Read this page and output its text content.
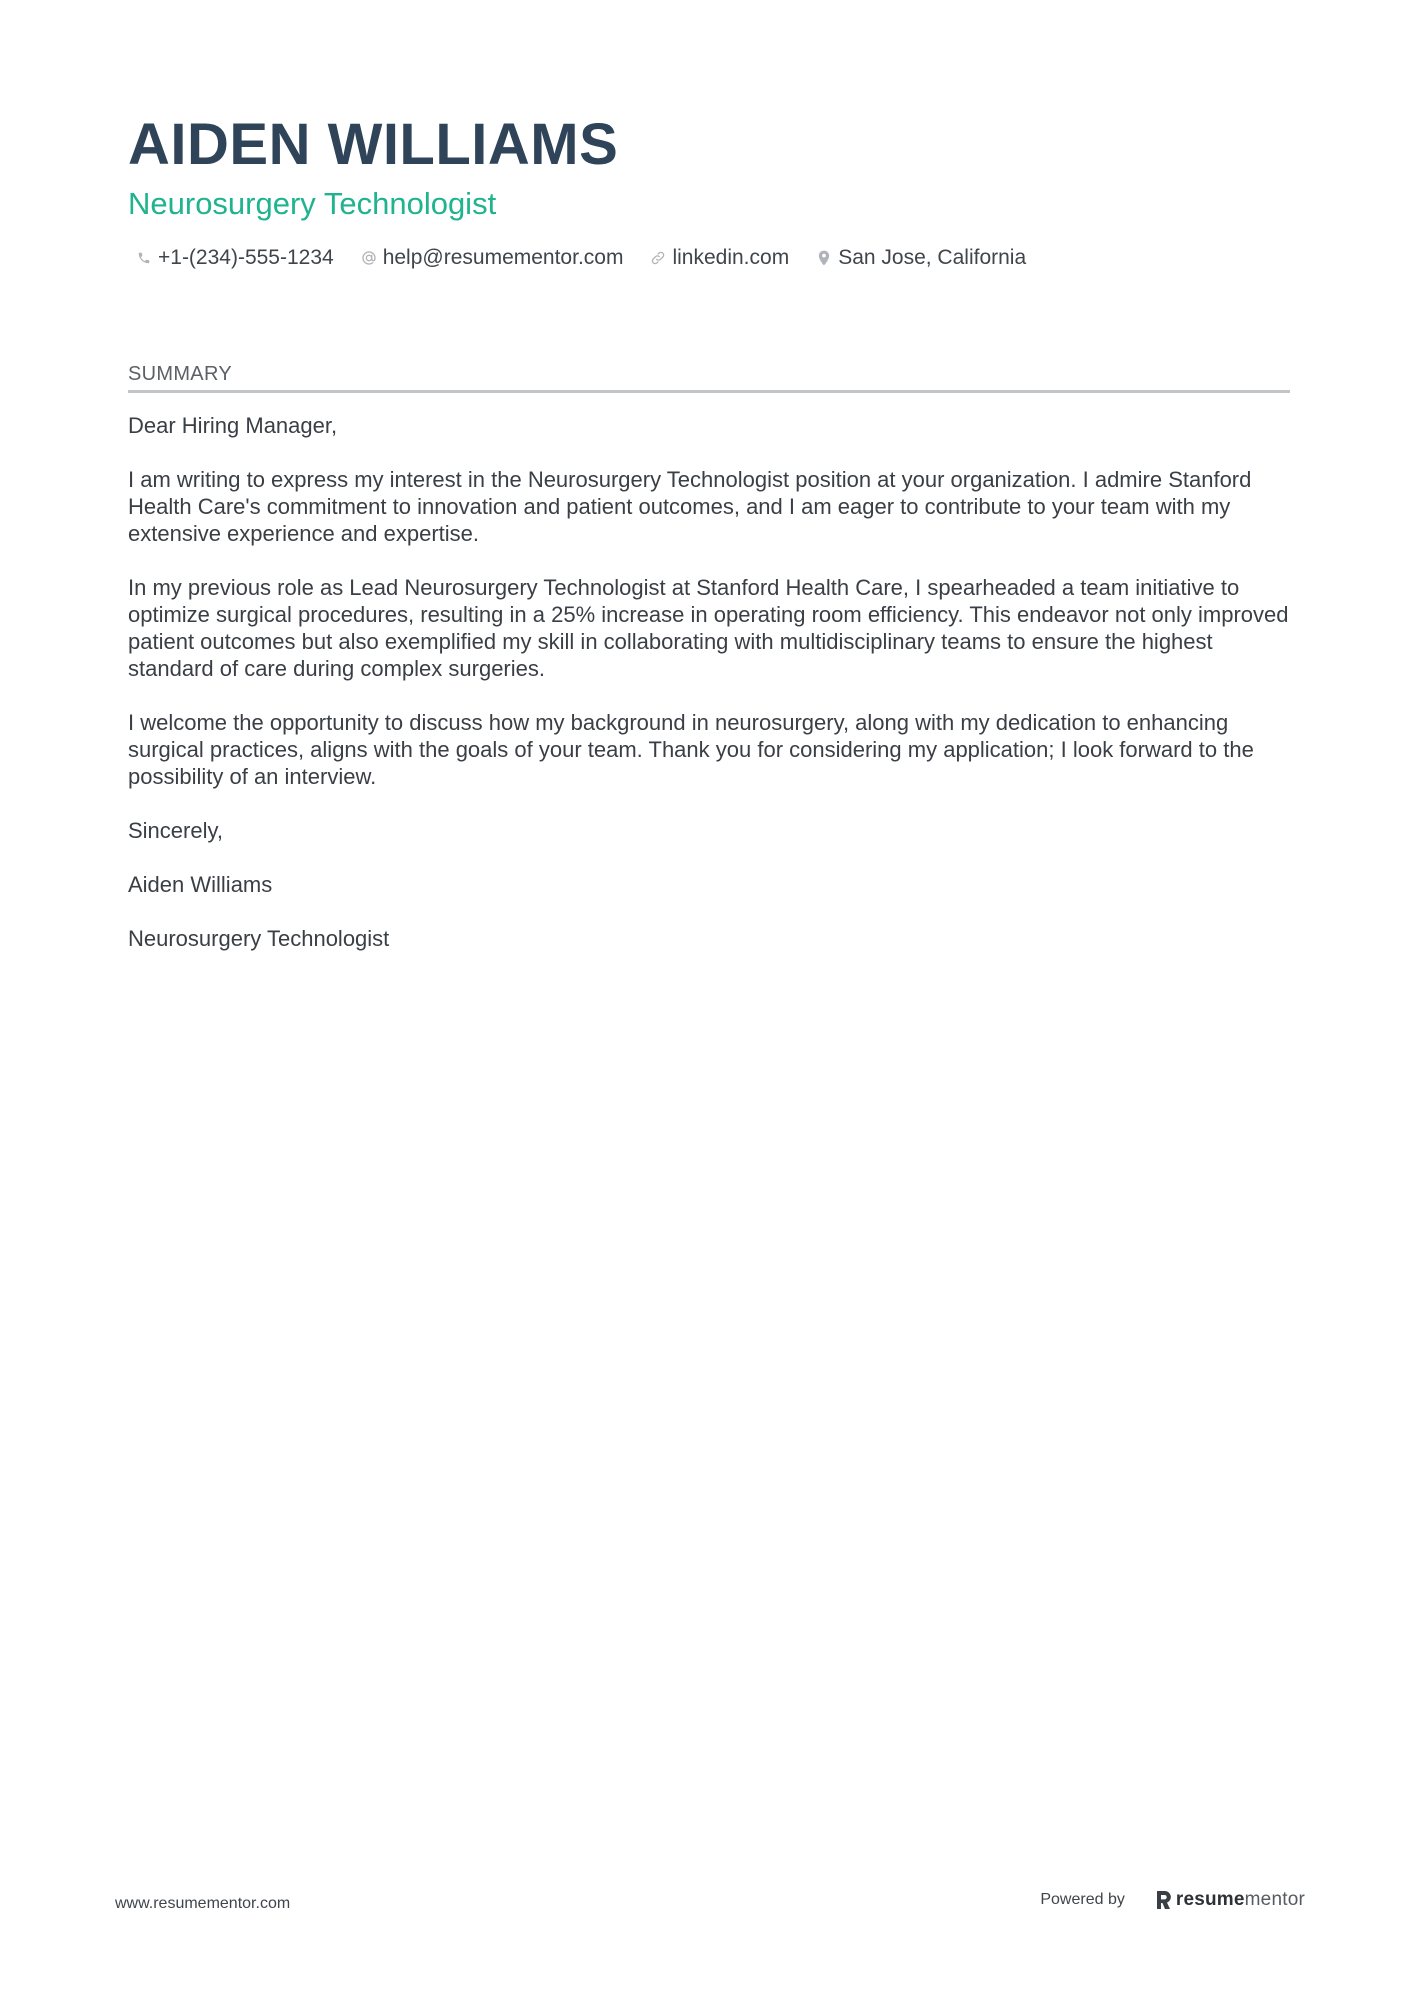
AIDEN WILLIAMS
Neurosurgery Technologist
+1-(234)-555-1234 help@resumementor.com linkedin.com San Jose, California
SUMMARY

Dear Hiring Manager,

I am writing to express my interest in the Neurosurgery Technologist position at your organization. I admire Stanford Health Care's commitment to innovation and patient outcomes, and I am eager to contribute to your team with my extensive experience and expertise.

In my previous role as Lead Neurosurgery Technologist at Stanford Health Care, I spearheaded a team initiative to optimize surgical procedures, resulting in a 25% increase in operating room efficiency. This endeavor not only improved patient outcomes but also exemplified my skill in collaborating with multidisciplinary teams to ensure the highest standard of care during complex surgeries.

I welcome the opportunity to discuss how my background in neurosurgery, along with my dedication to enhancing surgical practices, aligns with the goals of your team. Thank you for considering my application; I look forward to the possibility of an interview.

Sincerely,

Aiden Williams

Neurosurgery Technologist

www.resumementor.com	Powered by	resume mentor
